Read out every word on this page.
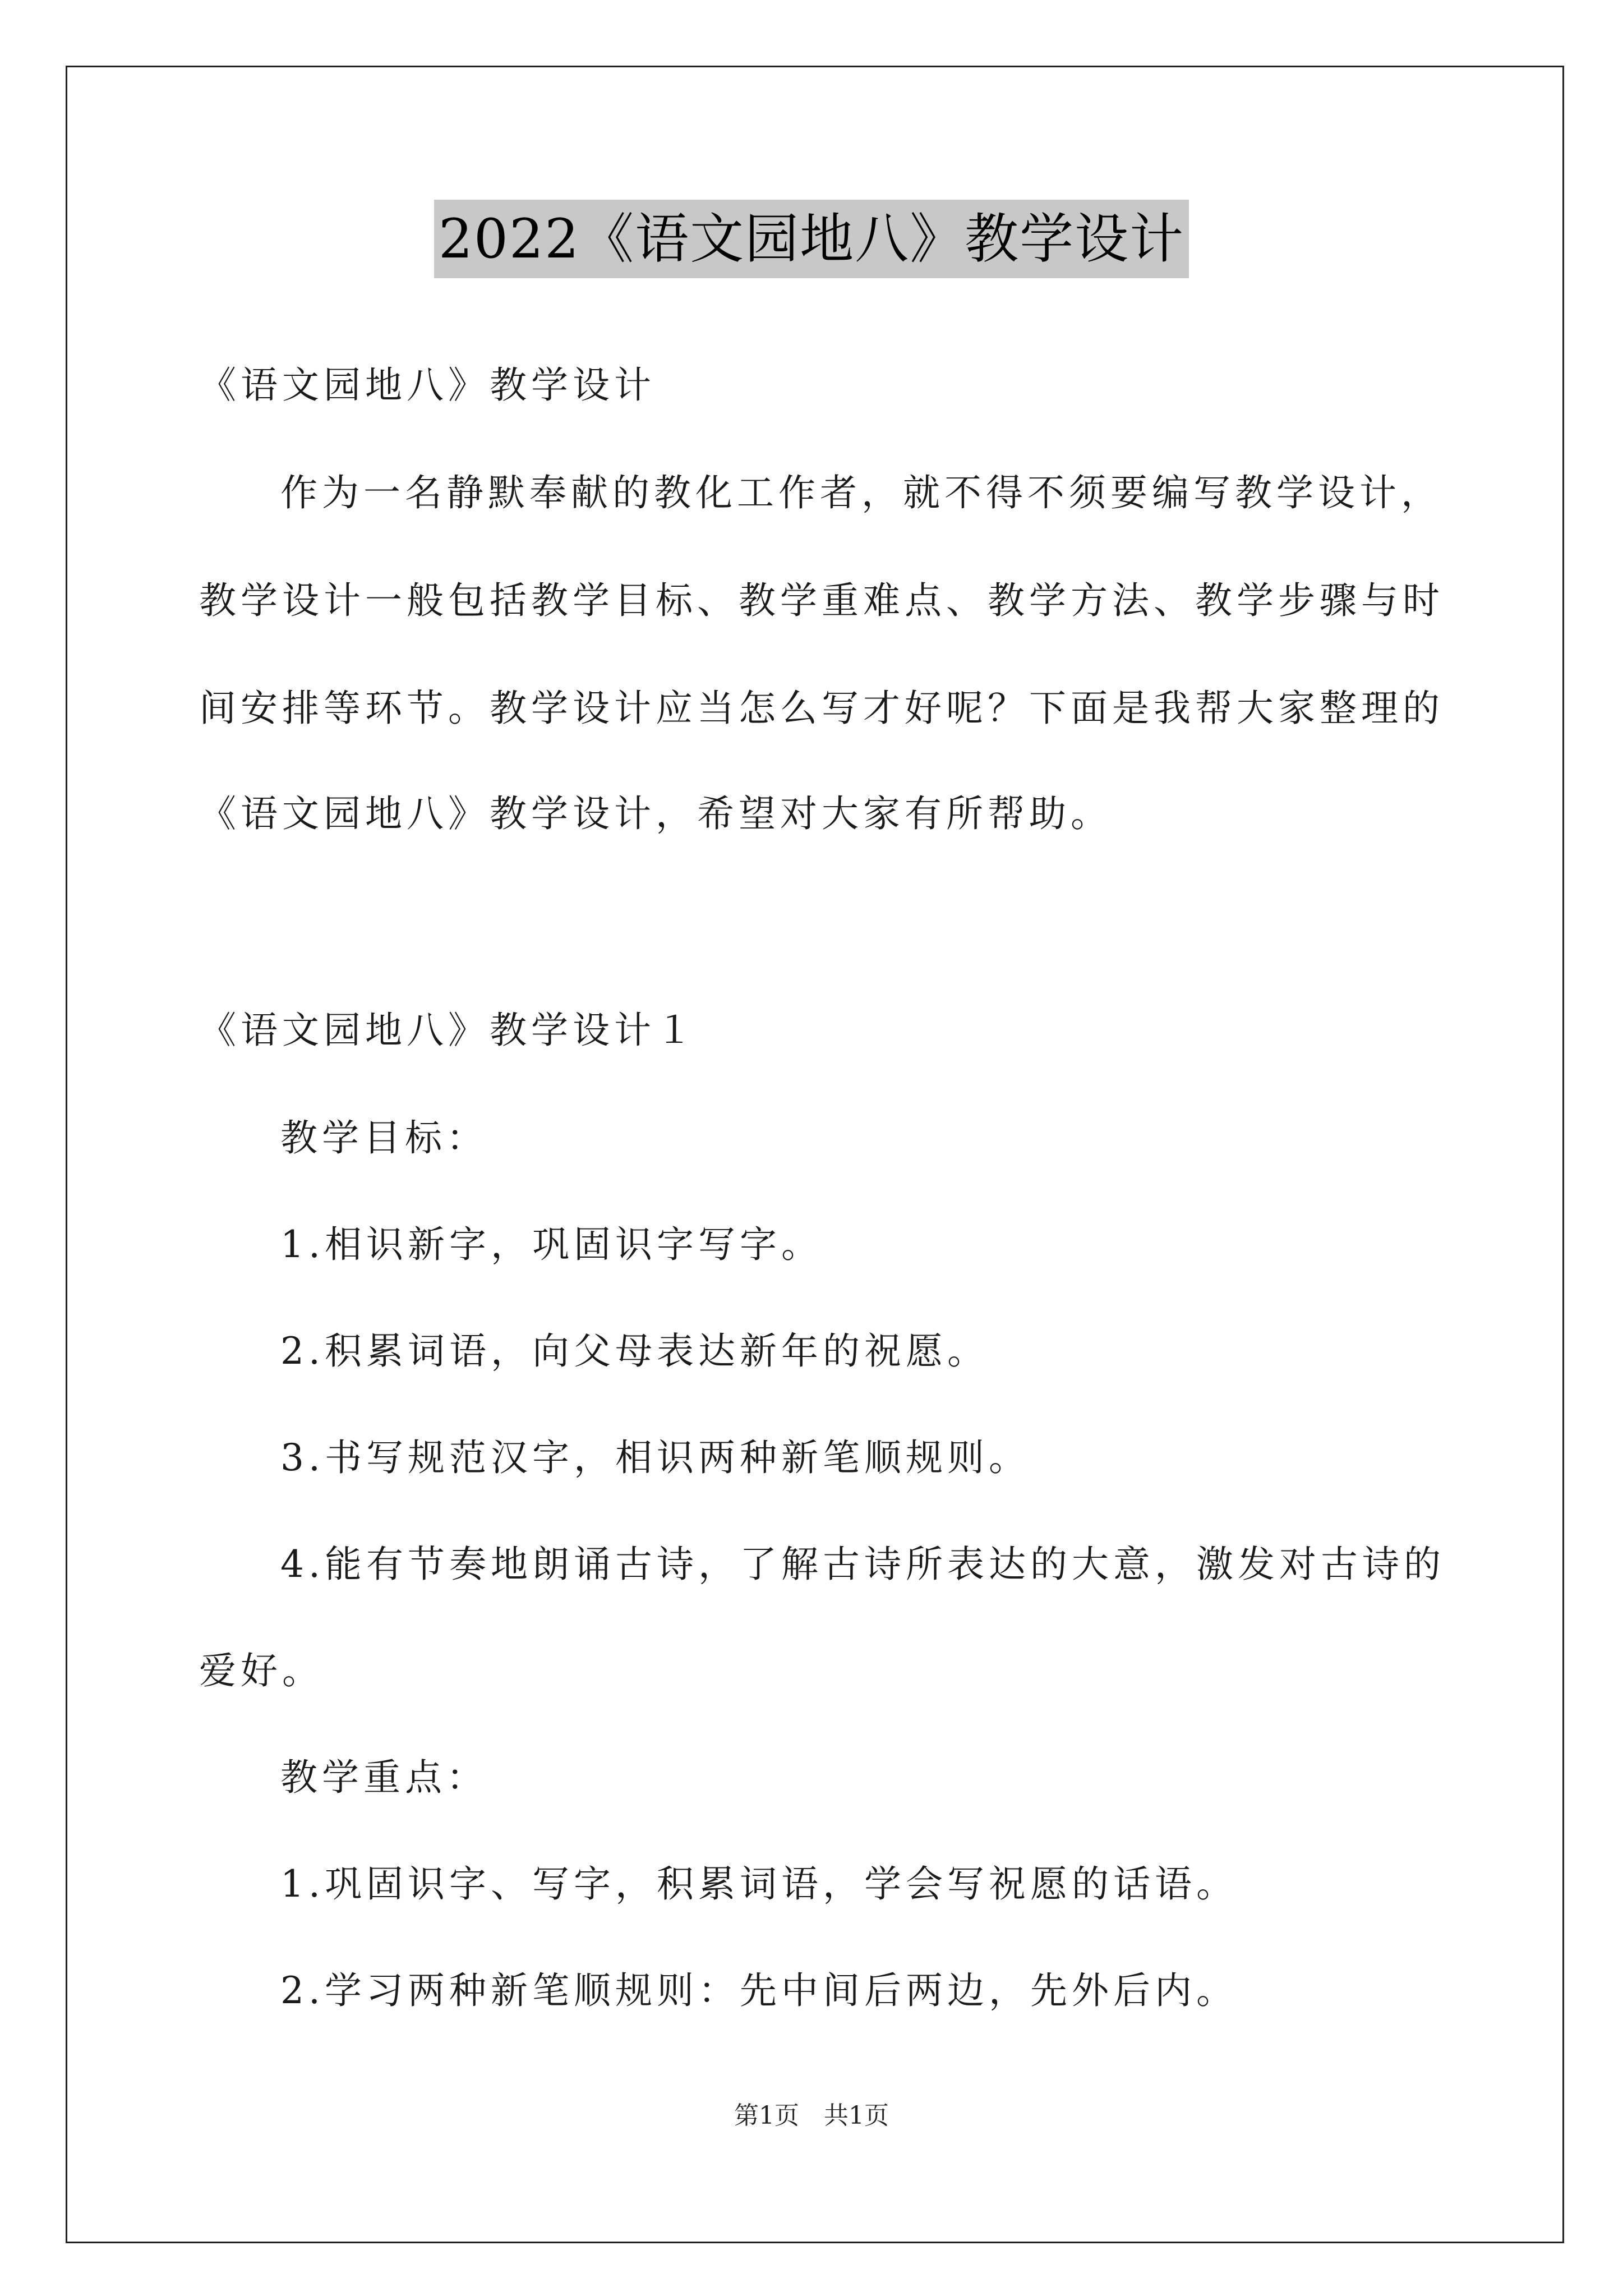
2022《语文园地八》教学设计
《语文园地八》教学设计
作为一名静默奉献的教化工作者，就不得不须要编写教学设计，
教学设计一般包括教学目标、教学重难点、教学方法、教学步骤与时
间安排等环节。教学设计应当怎么写才好呢？下面是我帮大家整理的
《语文园地八》教学设计，希望对大家有所帮助。
《语文园地八》教学设计１
教学目标：
1.相识新字，巩固识字写字。
2.积累词语，向父母表达新年的祝愿。
3.书写规范汉字，相识两种新笔顺规则。
4.能有节奏地朗诵古诗，了解古诗所表达的大意，激发对古诗的
爱好。
教学重点：
1.巩固识字、写字，积累词语，学会写祝愿的话语。
2.学习两种新笔顺规则：先中间后两边，先外后内。
第1页　共1页
